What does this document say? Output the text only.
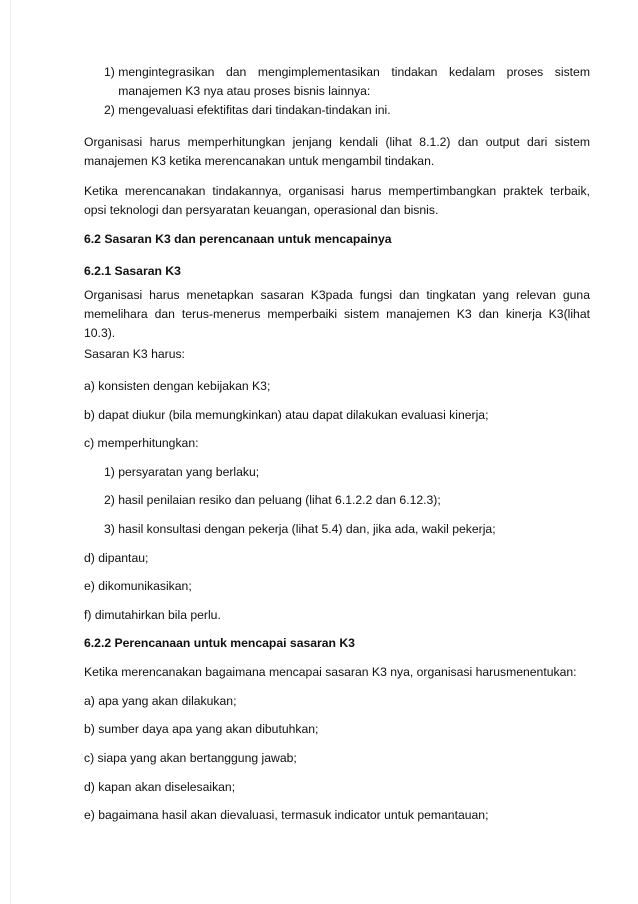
1)
mengintegrasikan dan mengimplementasikan tindakan kedalam proses sistem manajemen K3 nya atau proses bisnis lainnya:
2)
mengevaluasi efektifitas dari tindakan-tindakan ini.

Organisasi harus memperhitungkan jenjang kendali (lihat 8.1.2) dan output dari sistem manajemen K3 ketika merencanakan untuk mengambil tindakan.

Ketika merencanakan tindakannya, organisasi harus mempertimbangkan praktek terbaik, opsi teknologi dan persyaratan keuangan, operasional dan bisnis.

6.2 Sasaran K3 dan perencanaan untuk mencapainya

6.2.1 Sasaran K3

Organisasi harus menetapkan sasaran K3pada fungsi dan tingkatan yang relevan guna memelihara dan terus-menerus memperbaiki sistem manajemen K3 dan kinerja K3(lihat 10.3).

Sasaran K3 harus:

a)
konsisten dengan kebijakan K3;
b)
dapat diukur (bila memungkinkan) atau dapat dilakukan evaluasi kinerja;
c)
memperhitungkan:
1)
persyaratan yang berlaku;
2)
hasil penilaian resiko dan peluang (lihat 6.1.2.2 dan 6.12.3);
3)
hasil konsultasi dengan pekerja (lihat 5.4) dan, jika ada, wakil pekerja;
d)
dipantau;
e)
dikomunikasikan;
f)
dimutahirkan bila perlu.

6.2.2 Perencanaan untuk mencapai sasaran K3

Ketika merencanakan bagaimana mencapai sasaran K3 nya, organisasi harusmenentukan:

a)
apa yang akan dilakukan;
b)
sumber daya apa yang akan dibutuhkan;
c)
siapa yang akan bertanggung jawab;
d)
kapan akan diselesaikan;
e)
bagaimana hasil akan dievaluasi, termasuk indicator untuk pemantauan;
